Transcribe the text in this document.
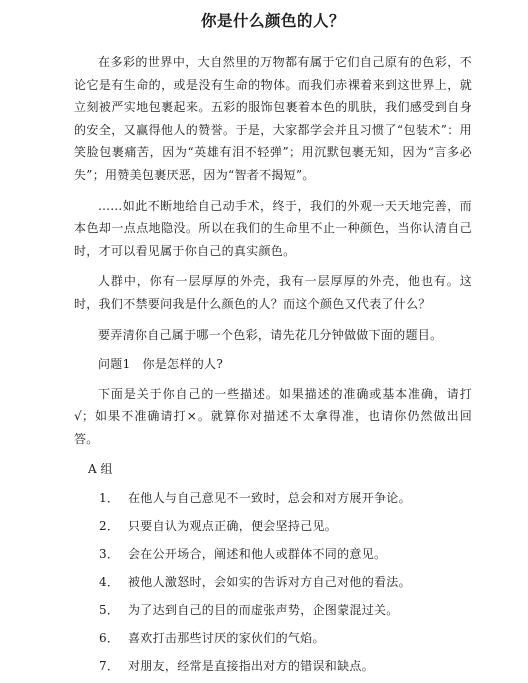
你是什么颜色的人？

在多彩的世界中，大自然里的万物都有属于它们自己原有的色彩，不论它是有生命的，或是没有生命的物体。而我们赤裸着来到这世界上，就立刻被严实地包裹起来。五彩的服饰包裹着本色的肌肤，我们感受到自身的安全，又赢得他人的赞誉。于是，大家都学会并且习惯了“包装术”：用笑脸包裹痛苦，因为“英雄有泪不轻弹”；用沉默包裹无知，因为“言多必失”；用赞美包裹厌恶，因为“智者不揭短”。

……如此不断地给自己动手术，终于，我们的外观一天天地完善，而本色却一点点地隐没。所以在我们的生命里不止一种颜色，当你认清自己时，才可以看见属于你自己的真实颜色。

人群中，你有一层厚厚的外壳，我有一层厚厚的外壳，他也有。这时，我们不禁要问我是什么颜色的人？而这个颜色又代表了什么？

要弄清你自己属于哪一个色彩，请先花几分钟做做下面的题目。

问题1 你是怎样的人?

下面是关于你自己的一些描述。如果描述的准确或基本准确，请打√；如果不准确请打×。就算你对描述不太拿得准，也请你仍然做出回答。

A 组
1． 在他人与自己意见不一致时，总会和对方展开争论。
2． 只要自认为观点正确，便会坚持己见。
3． 会在公开场合，阐述和他人或群体不同的意见。
4． 被他人激怒时，会如实的告诉对方自己对他的看法。
5． 为了达到自己的目的而虚张声势，企图蒙混过关。
6． 喜欢打击那些讨厌的家伙们的气焰。
7． 对朋友，经常是直接指出对方的错误和缺点。
